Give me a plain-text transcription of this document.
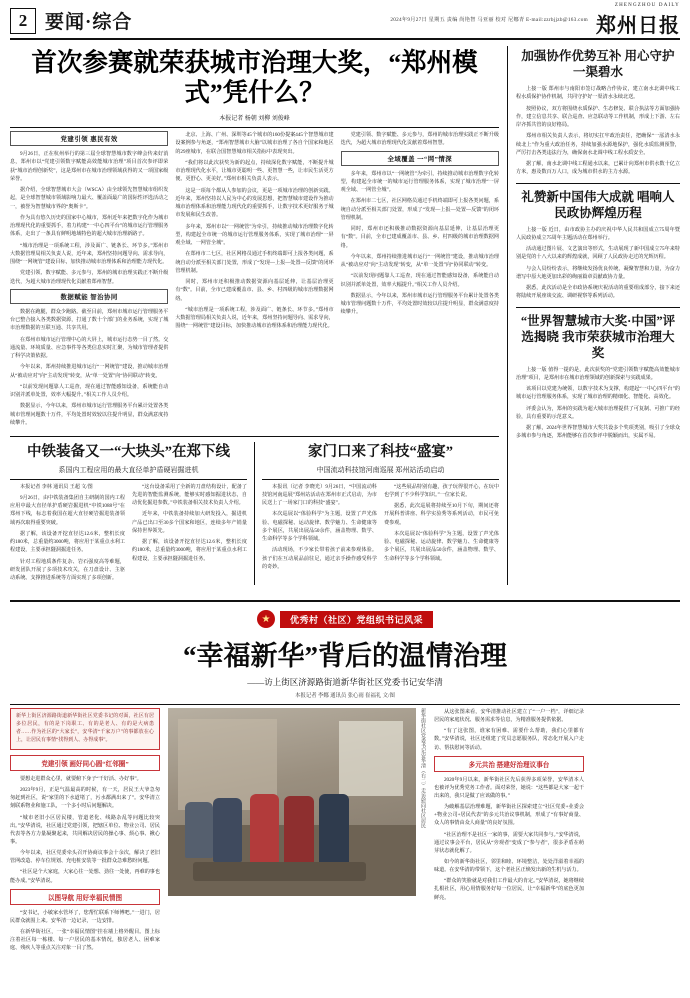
2 要闻·综合	2024年9月27日 星期五 责编 尚艳智 马亚丽 校对 尼娜青 E-mail:zzrbjjzb@163.com
ZHENGZHOU DAILY
郑州日报
首次参赛就荣获城市治理大奖，“郑州模式”凭什么？
本报记者 杨朝 刘柳 刘俊峰
党建引领 惠民有效

9月26日，正在杭州举行的第三届全球智慧城市数字峰会传来好消息，郑州市以“党建引领数字赋能高效能城市治理”项目首次参评即荣获“城市治理创新奖”，这是郑州市在城市治理领域获得的又一项国家级荣誉。

据介绍，全球智慧城市大会（WSCA）由全球领先智慧城市组织发起，是全球智慧城市领域影响力最大、覆盖面最广的国际性评选活动之一，被誉为智慧城市界的“奥斯卡”。

作为具有悠久历史的国家中心城市，郑州近年来把数字化作为城市治理现代化的重要抓手，着力构建“一中心四平台”的城市运行管理服务体系，走出了一条具有鲜明地域特色的超大城市治理新路子。

“城市治理是一项系统工程，涉及面广、链条长、环节多。”郑州市大数据管理局相关负责人说，近年来，郑州坚持问题导向、需求导向，围绕“一网统管”建设目标，加快推动城市治理体系和治理能力现代化。

党建引领、数字赋能、多元参与，郑州的城市治理实践正不断升级迭代，为超大城市治理现代化贡献着郑州智慧。

数据赋能 智治协同

数据在跑腿，群众少跑路。截至目前，郑州市城市运行管理服务平台已整合接入各类数据资源，打通了数十个部门的业务系统，实现了城市治理数据的互联互通、共享共用。

在郑州市城市运行管理中心的大屏上，城市运行态势一目了然。交通流量、环境质量、应急事件等各类信息实时汇聚，为城市管理者提供了科学决策依据。

今年以来，郑州持续推进城市运行“一网统管”建设，推动城市治理从“被动应对”向“主动发现”转变，从“单一处置”向“协同联动”转变。

“以前发现问题靠人工巡查，现在通过智能感知设备，系统能自动识别并派单处置，效率大幅提升。”相关工作人员介绍。

数据显示，今年以来，郑州市城市运行管理服务平台累计处置各类城市管理问题数十万件，平均处置时效较以往提升明显，群众满意度持续攀升。

北京、上海、广州、深圳等45个城市的160份提案445个智慧城市建设案例参与角逐，“郑州智慧城市大脑”以城市治理了各自个国家和地区的29座城市，在联合国智慧城市相关指标中表现突出。

“我们将以此次获奖为新的起点，持续深化数字赋能，不断提升城市治理现代化水平，让城市更聪明一些、更智慧一些，让市民生活更方便、更舒心、更美好。”郑州市相关负责人表示。

这是一项每个都从人参加的会议，更是一项城市治理的创新实践。近年来，郑州坚持以人民为中心的发展思想，把智慧城市建设作为推动城市治理体系和治理能力现代化的重要抓手，让数字技术更好服务于城市发展和民生改善。

多年来，郑州市以“一网统管”为牵引，持续推动城市治理数字化转型，构建起全市统一的城市运行管理服务体系，实现了城市治理“一屏观全域、一网管全城”。

在郑州市二七区，社区网格员通过手机终端即可上报各类问题，系统自动分派至相关部门处置，形成了“发现—上报—处置—反馈”的闭环管理机制。

同时，郑州市还积极推动数据资源向基层延伸，让基层治理更有“数”。目前，全市已建成覆盖市、县、乡、村四级的城市治理数据网络。

“城市治理是一项系统工程，涉及面广、链条长、环节多。”郑州市大数据管理局相关负责人说，近年来，郑州坚持问题导向、需求导向，围绕“一网统管”建设目标，加快推动城市治理体系和治理能力现代化。

党建引领、数字赋能、多元参与，郑州的城市治理实践正不断升级迭代，为超大城市治理现代化贡献着郑州智慧。

全域覆盖 一“网”情深

多年来，郑州市以“一网统管”为牵引，持续推动城市治理数字化转型，构建起全市统一的城市运行管理服务体系，实现了城市治理“一屏观全域、一网管全城”。

在郑州市二七区，社区网格员通过手机终端即可上报各类问题，系统自动分派至相关部门处置，形成了“发现—上报—处置—反馈”的闭环管理机制。

同时，郑州市还积极推动数据资源向基层延伸，让基层治理更有“数”。目前，全市已建成覆盖市、县、乡、村四级的城市治理数据网络。

今年以来，郑州持续推进城市运行“一网统管”建设，推动城市治理从“被动应对”向“主动发现”转变，从“单一处置”向“协同联动”转变。

“以前发现问题靠人工巡查，现在通过智能感知设备，系统能自动识别并派单处置，效率大幅提升。”相关工作人员介绍。

数据显示，今年以来，郑州市城市运行管理服务平台累计处置各类城市管理问题数十万件，平均处置时效较以往提升明显，群众满意度持续攀升。

中铁装备又一“大块头”在郑下线
系国内工程应用的最大直径单护盾硬岩掘进机

本报记者 李林 通讯员 王超 文/图

9月26日，由中铁装备集团自主研制的国内工程应用中最大直径单护盾硬岩掘进机“中铁1088号”在郑州下线，标志着我国在超大直径硬岩掘进装备领域再次取得重要突破。

据了解，该设备开挖直径达12.6米，整机长度约180米，总重量约3000吨，将应用于某重点水利工程建设，主要承担隧洞掘进任务。

针对工程地质条件复杂、岩石强度高等难题，研发团队开展了多项技术攻关，在刀盘设计、主驱动系统、支撑推进系统等方面实现了多项创新。

“这台设备采用了全新的刀盘结构设计，配备了先进的智能监测系统，能够实时感知掘进状态，自动优化掘进参数。”中铁装备相关技术负责人介绍。

近年来，中铁装备持续加大研发投入，掘进机产品已出口至30多个国家和地区，连续多年产销量保持世界领先。

据了解，该设备开挖直径达12.6米，整机长度约180米，总重量约3000吨，将应用于某重点水利工程建设，主要承担隧洞掘进任务。

家门口来了科技“盛宴”
中国流动科技馆河南巡展 郑州站活动启动

本报讯（记者 李晓光）9月26日，“中国流动科技馆河南巡展”郑州站活动在郑州市正式启动，为市民送上了一场家门口的科技“盛宴”。

本次巡展以“体验科学”为主题，设置了声光体验、电磁探秘、运动旋律、数学魅力、生命健康等多个展区，共展出展品50余件，涵盖物理、数学、生命科学等多个学科领域。

活动现场，不少家长带着孩子前来参观体验。孩子们在互动展品前驻足，通过亲手操作感受科学的奇妙。

“这些展品特别有趣，孩子玩得很开心，在玩中也学到了不少科学知识。”一位家长说。

据悉，此次巡展将持续至10月下旬，期间还将开展科普讲座、科学实验秀等系列活动，市民可免费参观。

本次巡展以“体验科学”为主题，设置了声光体验、电磁探秘、运动旋律、数学魅力、生命健康等多个展区，共展出展品50余件，涵盖物理、数学、生命科学等多个学科领域。

加强协作优势互补 用心守护一渠碧水

上接一版 郑州市与南阳市签订战略合作协议，建立南水北调中线工程水质保护协作机制，共同守护好一渠清水永续北送。

按照协议，双方将围绕水质保护、生态修复、联合执法等方面加强协作，建立信息共享、联合巡查、应急联动等工作机制，形成上下游、左右岸齐抓共管的良好格局。

郑州市相关负责人表示，将切实扛牢政治责任，把确保“一泓清水永续北上”作为重大政治任务，持续加强水源地保护，强化水质监测预警，严厉打击各类违法行为，确保南水北调中线工程水质安全。

据了解，南水北调中线工程通水以来，已累计向郑州市供水数十亿立方米，惠及数百万人口，成为城市供水的主力水源。

礼赞新中国伟大成就 唱响人民政协辉煌历程

上接一版 近日，由市政协主办的庆祝中华人民共和国成立75周年暨人民政协成立75周年主题活动在郑州举行。

活动通过图片展、文艺演出等形式，生动展现了新中国成立75年来特别是党的十八大以来的辉煌成就，回顾了人民政协走过的光辉历程。

与会人员纷纷表示，将继续发扬优良传统，凝聚智慧和力量，为奋力谱写中原大地更加出彩的绚丽篇章贡献政协力量。

据悉，此次活动是全市政协系统庆祝活动的重要组成部分，接下来还将陆续开展座谈交流、调研视察等系列活动。

“世界智慧城市大奖·中国”评选揭晓 我市荣获城市治理大奖

上接一版 值得一提的是，此次获奖的“党建引领数字赋能高效能城市治理”项目，是郑州市在城市治理领域的创新探索与实践成果。

该项目以党建为统领，以数字技术为支撑，构建起“一中心四平台”的城市运行管理服务体系，实现了城市治理的精细化、智能化、高效化。

评委会认为，郑州的实践为超大城市治理提供了可复制、可推广的经验，具有重要的示范意义。

据了解，2024年世界智慧城市大奖共设多个奖项类别，吸引了全球众多城市参与角逐，郑州能够在首次参评中脱颖而出，实属不易。

★	优秀村（社区）党组织书记风采
“幸福新华”背后的温情治理
——访上街区济源路街道新华街社区党委书记安华清
本报记者 李娜 通讯员 张心雨 崔福礼 文/图
新华上街区济源路街道新华街社区党委书记的对面，社区有居多位居民，有的是下岗职工、有的是老人、有的是大病患者……作为社区的“大家长”，安华清“千家万户”的事都放在心上，让居民有事情“找得到人、办得成事”。
党建引领 画好同心圆“红邻圈”

要想走进群众心里，就要俯下身子“干好活、办好事”。

2023年9月，正是气温最高的时候，有一天，居民王大爷急匆匆赶到社区，说“家里的下水道堵了，污水都满出来了”。安华清立刻联系物业和施工队，一个多小时后问题解决。

“城市老旧小区居民楼，管道老化、线路杂乱等问题比较突出。”安华清说，社区通过党建引领，把辖区单位、物业公司、居民代表等各方力量凝聚起来，共同解决居民的操心事、烦心事、揪心事。

今年以来，社区党委牵头召开协商议事会十余次，解决了老旧管网改造、停车位规划、充电桩安装等一批群众急难愁盼问题。

“社区是个大家庭，大家心往一处想、劲往一处使，再难的事也能办成。”安华清说。

以图导航 用好幸福民情图

“安书记，小敏家水管坏了，您帮忙联系下师傅吧。”一进门，居民群众就围上来。安华清一边记录，一边安排。

在新华街社区，一张“幸福民情图”挂在墙上格外醒目。图上标注着社区每一栋楼、每一户居民的基本情况，独居老人、困难家庭、残疾人等重点关注对象一目了然。

新华街社区党委书记安华清（右二）走访慰问社区居民	从这张图来看，安华清推动社区建立了“一户一档”，详细记录居民的家庭状况、服务需求等信息，为精准服务提供依据。

“有了这张图，谁家有困难、需要什么帮助，我们心里都有数。”安华清说，社区还组建了党员志愿服务队，常态化开展入户走访、帮扶慰问等活动。

多元共治 搭建好治理议事台

2020年9月以来，新华街社区先后获得多项荣誉，安华清本人也被评为优秀党务工作者。面对荣誉，她说：“这些都是大家一起干出来的，我只是做了应该做的事。”

为破解基层治理难题，新华街社区探索建立“社区党委+业委会+物业公司+居民代表”的多元共治议事机制，形成了“有事好商量、众人的事情由众人商量”的良好氛围。

“社区治理不是社区一家的事，需要大家共同参与。”安华清说，通过议事会平台，居民从“旁观者”变成了“参与者”，很多矛盾在萌芽状态就化解了。

如今的新华街社区，邻里和睦、环境整洁，处处洋溢着幸福的味道。在安华清的带领下，这个老社区正焕发出新的生机与活力。

“群众的笑脸就是对我们工作最大的肯定。”安华清说，她将继续扎根社区，用心用情服务好每一位居民，让“幸福新华”的底色更加鲜亮。
